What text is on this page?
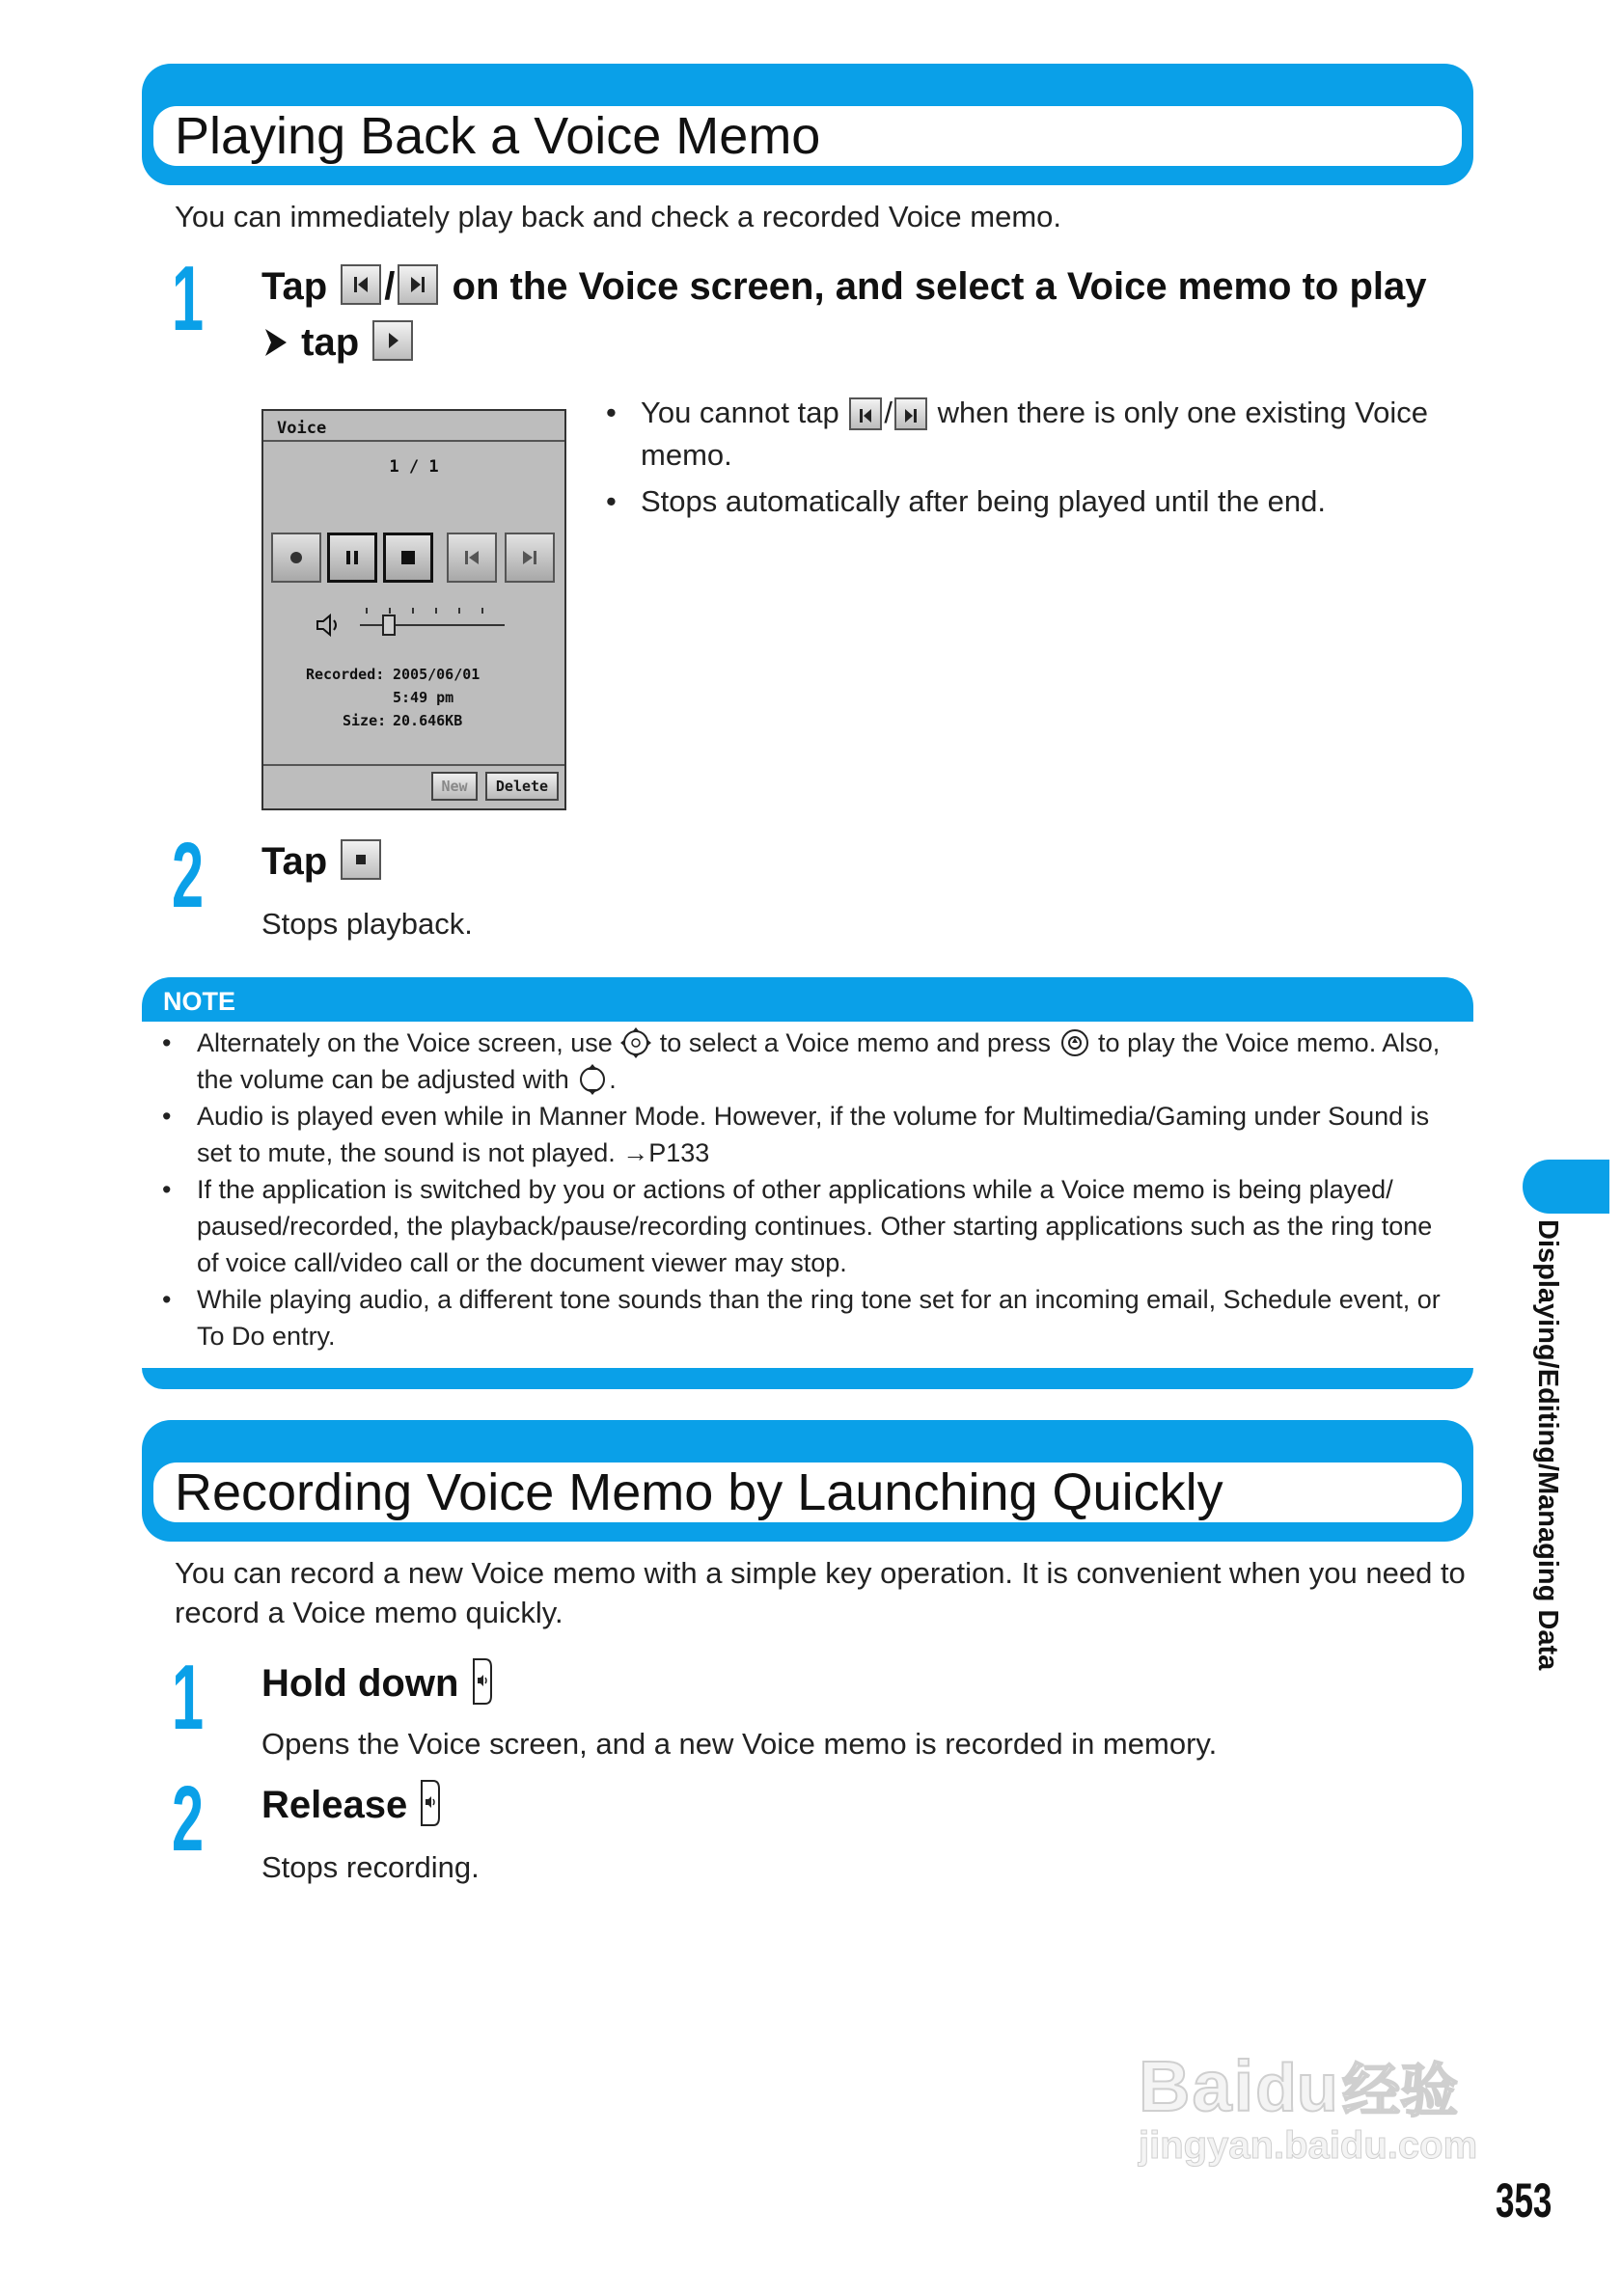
Playing Back a Voice Memo
You can immediately play back and check a recorded Voice memo.
1 Tap / on the Voice screen, and select a Voice memo to play
tap
Voice
1 / 1
Recorded: 2005/06/01
5:49 pm
Size: 20.646KB
New	Delete
• You cannot tap / when there is only one existing Voice memo.
• Stops automatically after being played until the end.
2 Tap
Stops playback.
NOTE
• Alternately on the Voice screen, use to select a Voice memo and press to play the Voice memo. Also, the volume can be adjusted with .
• Audio is played even while in Manner Mode. However, if the volume for Multimedia/Gaming under Sound is set to mute, the sound is not played. →P133
• If the application is switched by you or actions of other applications while a Voice memo is being played/ paused/recorded, the playback/pause/recording continues. Other starting applications such as the ring tone of voice call/video call or the document viewer may stop.
• While playing audio, a different tone sounds than the ring tone set for an incoming email, Schedule event, or To Do entry.
Recording Voice Memo by Launching Quickly
You can record a new Voice memo with a simple key operation. It is convenient when you need to record a Voice memo quickly.
1 Hold down
Opens the Voice screen, and a new Voice memo is recorded in memory.
2 Release
Stops recording.
Displaying/Editing/Managing Data
Baidu 经验
jingyan.baidu.com
353
